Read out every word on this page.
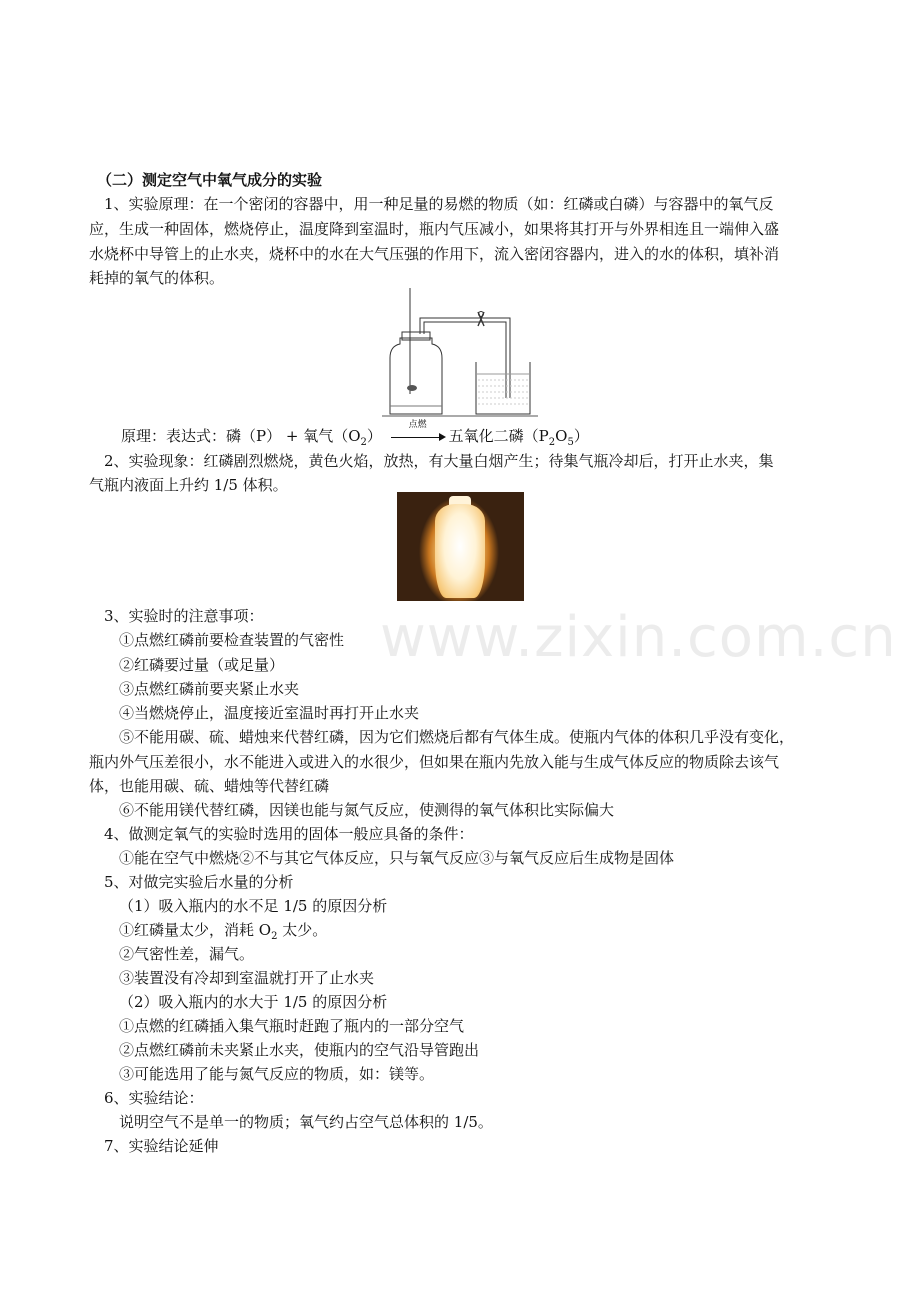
www.zixin.com.cn
（二）测定空气中氧气成分的实验
1、实验原理：在一个密闭的容器中，用一种足量的易燃的物质（如：红磷或白磷）与容器中的氧气反
应，生成一种固体，燃烧停止，温度降到室温时，瓶内气压减小，如果将其打开与外界相连且一端伸入盛
水烧杯中导管上的止水夹，烧杯中的水在大气压强的作用下，流入密闭容器内，进入的水的体积，填补消
耗掉的氧气的体积。
原理：表达式：磷（P） + 氧气$(O_2)$
点燃
五氧化二磷$(P_2O_5)$
2、实验现象：红磷剧烈燃烧，黄色火焰，放热，有大量白烟产生；待集气瓶冷却后，打开止水夹，集
气瓶内液面上升约 1/5 体积。
3、实验时的注意事项：
①点燃红磷前要检查装置的气密性
②红磷要过量（或足量）
③点燃红磷前要夹紧止水夹
④当燃烧停止，温度接近室温时再打开止水夹
⑤不能用碳、硫、蜡烛来代替红磷，因为它们燃烧后都有气体生成。使瓶内气体的体积几乎没有变化，
瓶内外气压差很小，水不能进入或进入的水很少，但如果在瓶内先放入能与生成气体反应的物质除去该气
体，也能用碳、硫、蜡烛等代替红磷
⑥不能用镁代替红磷，因镁也能与氮气反应，使测得的氧气体积比实际偏大
4、做测定氧气的实验时选用的固体一般应具备的条件：
①能在空气中燃烧②不与其它气体反应，只与氧气反应③与氧气反应后生成物是固体
5、对做完实验后水量的分析
（1）吸入瓶内的水不足 1/5 的原因分析
①红磷量太少，消耗 $O_2$ 太少。
②气密性差，漏气。
③装置没有冷却到室温就打开了止水夹
（2）吸入瓶内的水大于 1/5 的原因分析
①点燃的红磷插入集气瓶时赶跑了瓶内的一部分空气
②点燃红磷前未夹紧止水夹，使瓶内的空气沿导管跑出
③可能选用了能与氮气反应的物质，如：镁等。
6、实验结论：
说明空气不是单一的物质；氧气约占空气总体积的 1/5。
7、实验结论延伸
